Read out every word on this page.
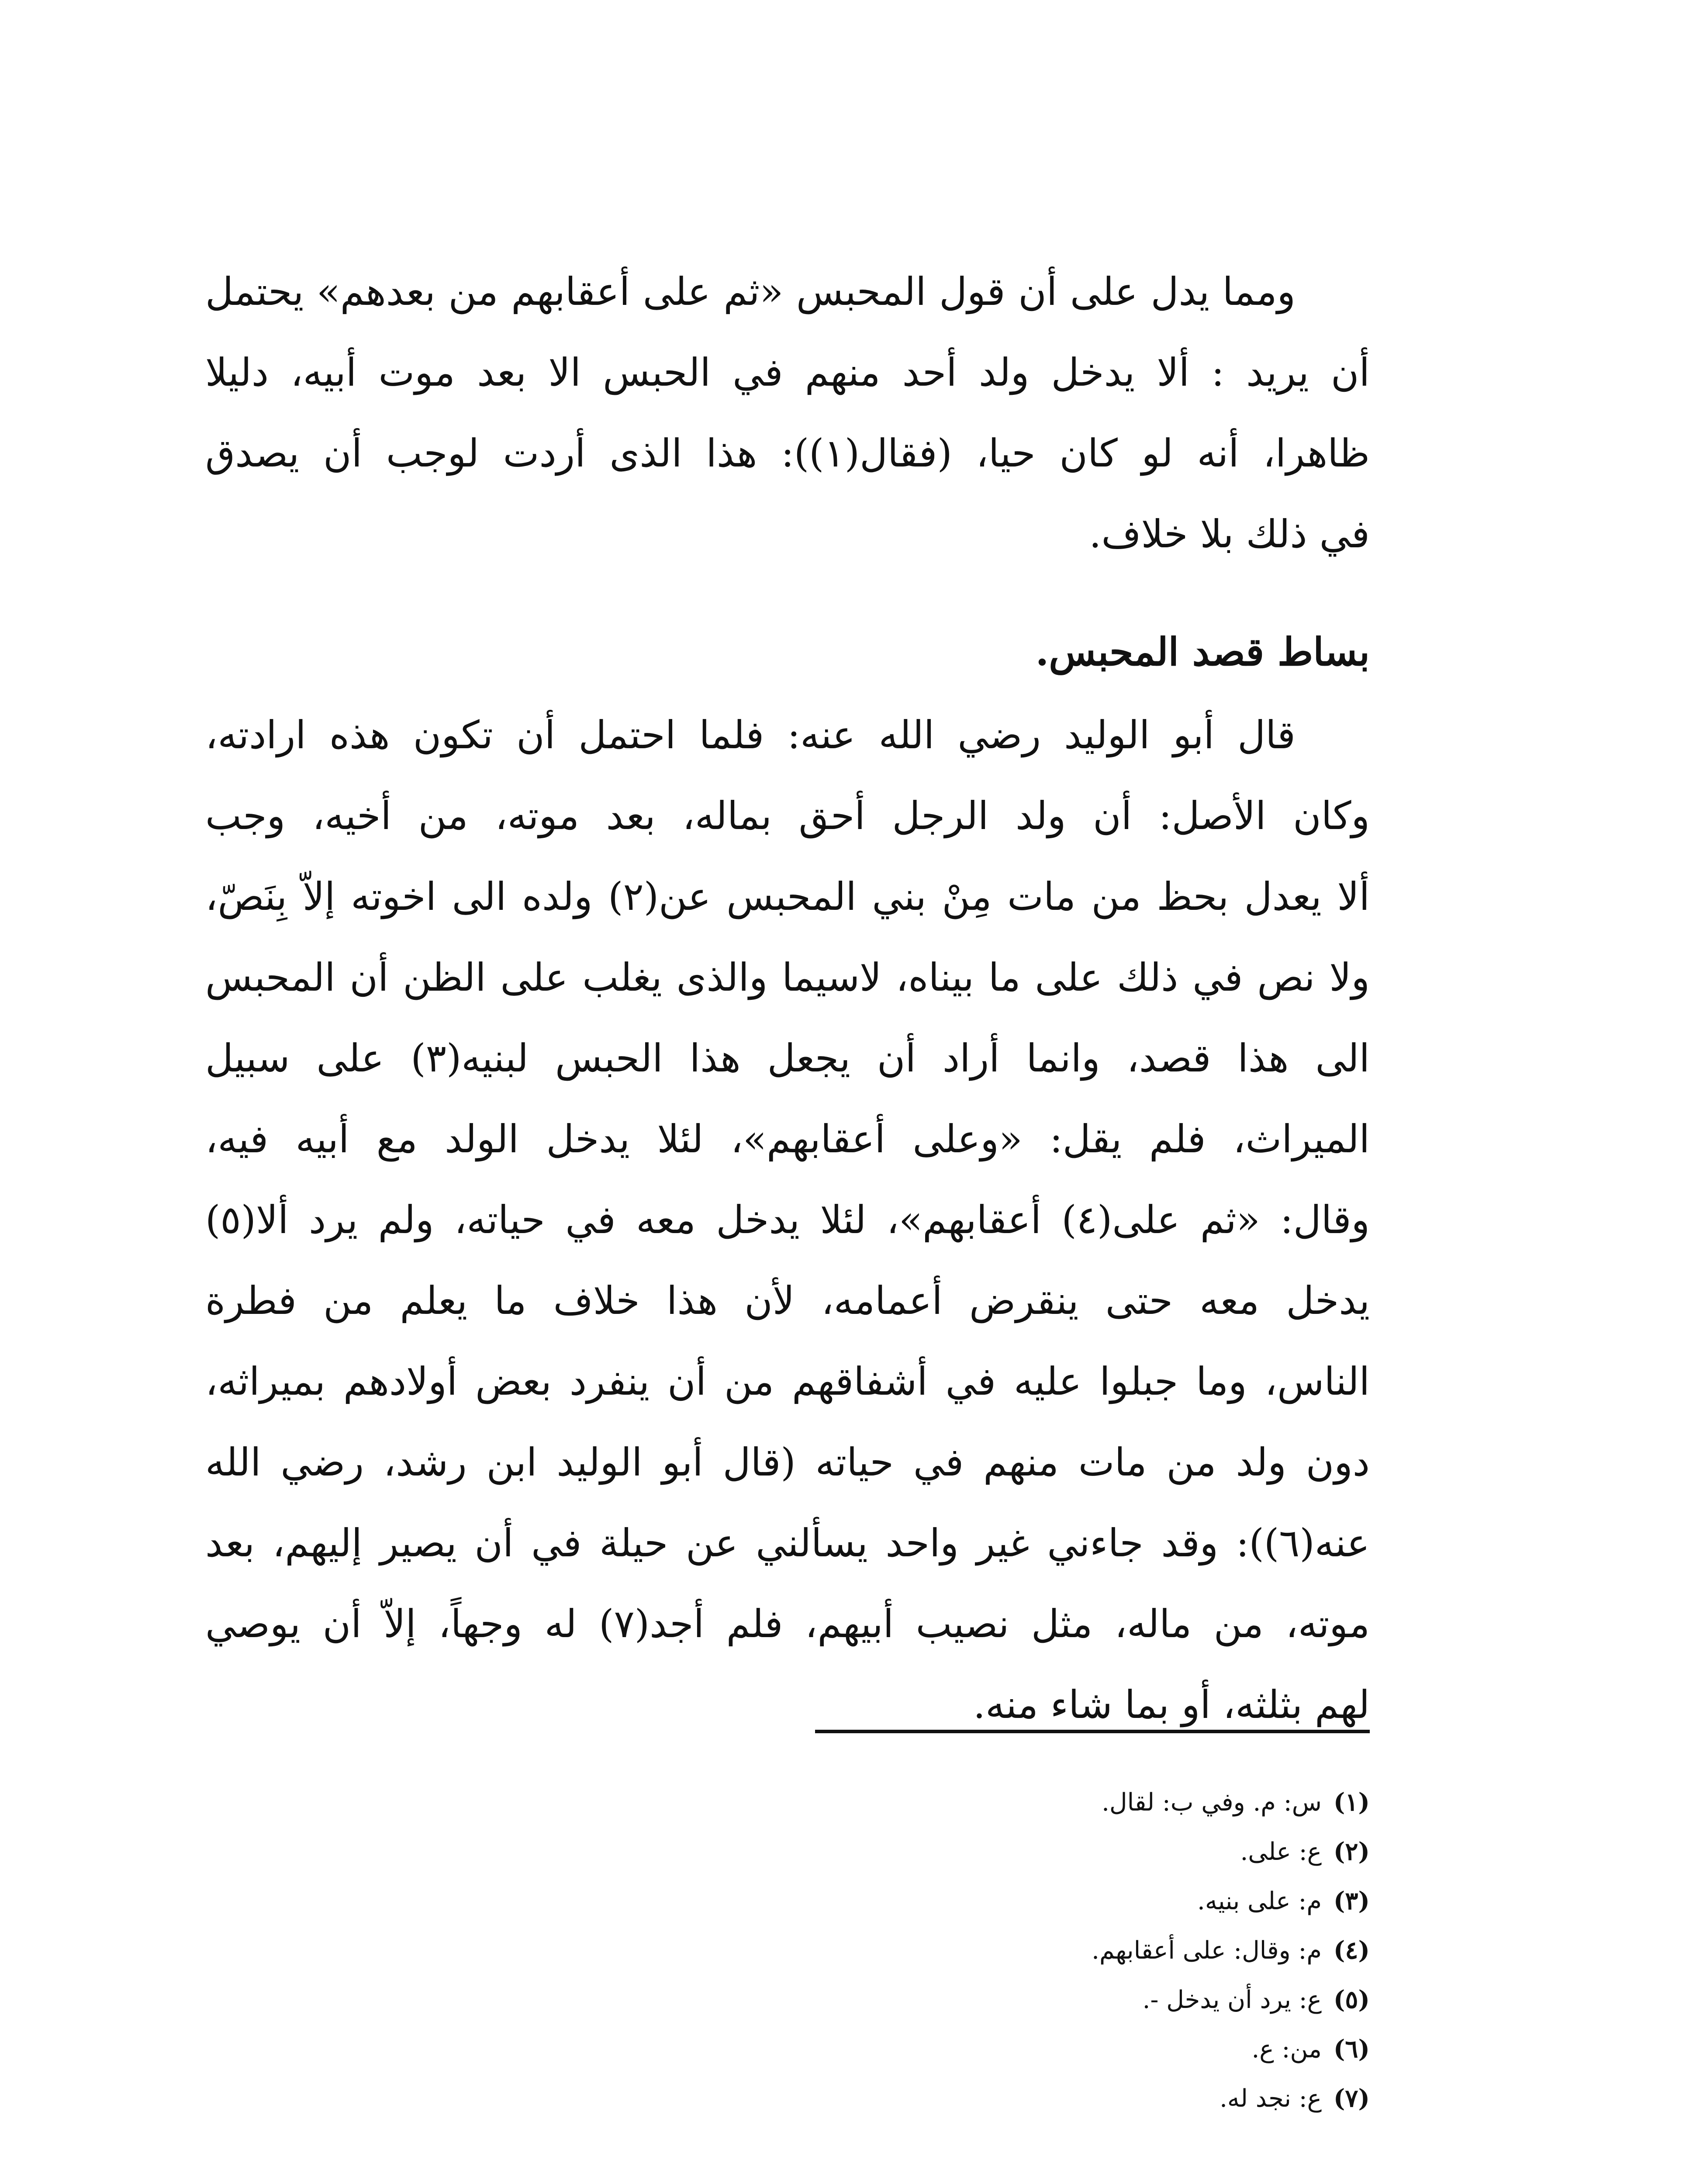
ومما يدل على أن قول المحبس «ثم على أعقابهم من بعدهم» يحتمل
أن يريد : ألا يدخل ولد أحد منهم في الحبس الا بعد موت أبيه، دليلا
ظاهرا، أنه لو كان حيا، (فقال(١)): هذا الذى أردت لوجب أن يصدق
في ذلك بلا خلاف.
بساط قصد المحبس.
قال أبو الوليد رضي الله عنه: فلما احتمل أن تكون هذه ارادته،
وكان الأصل: أن ولد الرجل أحق بماله، بعد موته، من أخيه، وجب
ألا يعدل بحظ من مات مِنْ بني المحبس عن(٢) ولده الى اخوته إلاّ بِنَصّ،
ولا نص في ذلك على ما بيناه، لاسيما والذى يغلب على الظن أن المحبس
الى هذا قصد، وانما أراد أن يجعل هذا الحبس لبنيه(٣) على سبيل
الميراث، فلم يقل: «وعلى أعقابهم»، لئلا يدخل الولد مع أبيه فيه،
وقال: «ثم على(٤) أعقابهم»، لئلا يدخل معه في حياته، ولم يرد ألا(٥)
يدخل معه حتى ينقرض أعمامه، لأن هذا خلاف ما يعلم من فطرة
الناس، وما جبلوا عليه في أشفاقهم من أن ينفرد بعض أولادهم بميراثه،
دون ولد من مات منهم في حياته (قال أبو الوليد ابن رشد، رضي الله
عنه(٦)): وقد جاءني غير واحد يسألني عن حيلة في أن يصير إليهم، بعد
موته، من ماله، مثل نصيب أبيهم، فلم أجد(٧) له وجهاً، إلاّ أن يوصي
لهم بثلثه، أو بما شاء منه.
(١)س: م. وفي ب: لقال.
(٢)ع: على.
(٣)م: على بنيه.
(٤)م: وقال: على أعقابهم.
(٥)ع: يرد أن يدخل -.
(٦)من: ع.
(٧)ع: نجد له.
